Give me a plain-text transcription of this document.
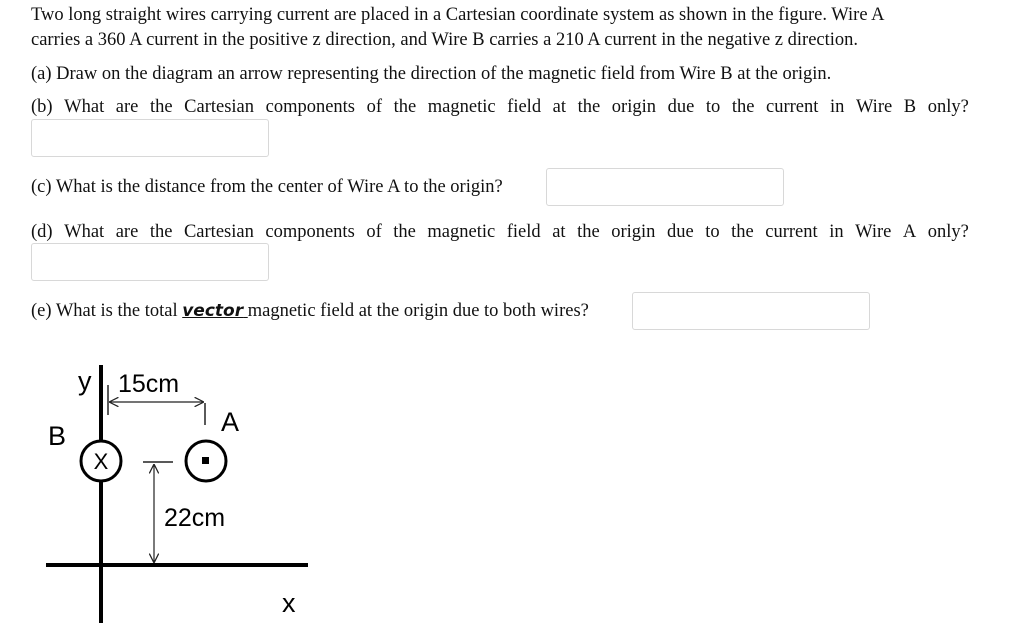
Two long straight wires carrying current are placed in a Cartesian coordinate system as shown in the figure. Wire A
carries a 360 A current in the positive z direction, and Wire B carries a 210 A current in the negative z direction.
(a) Draw on the diagram an arrow representing the direction of the magnetic field from Wire B at the origin.
(b) What are the Cartesian components of the magnetic field at the origin due to the current in Wire B only?
(c) What is the distance from the center of Wire A to the origin?
(d) What are the Cartesian components of the magnetic field at the origin due to the current in Wire A only?
(e) What is the total vector magnetic field at the origin due to both wires?
y
x
15cm
X
B	A
22cm
